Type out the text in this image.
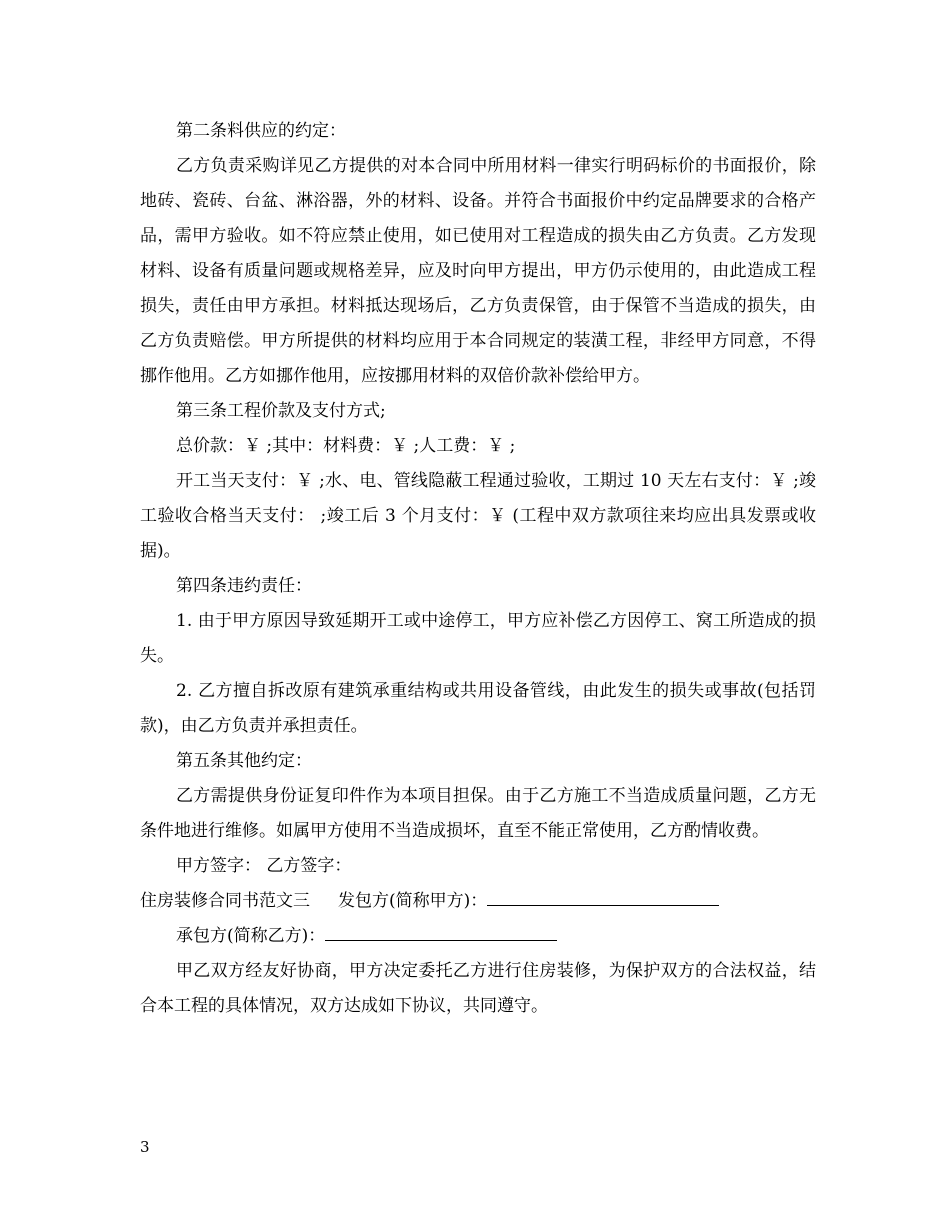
第二条料供应的约定：

乙方负责采购详见乙方提供的对本合同中所用材料一律实行明码标价的书面报价，除地砖、瓷砖、台盆、淋浴器，外的材料、设备。并符合书面报价中约定品牌要求的合格产品，需甲方验收。如不符应禁止使用，如已使用对工程造成的损失由乙方负责。乙方发现材料、设备有质量问题或规格差异，应及时向甲方提出，甲方仍示使用的，由此造成工程损失，责任由甲方承担。材料抵达现场后，乙方负责保管，由于保管不当造成的损失，由乙方负责赔偿。甲方所提供的材料均应用于本合同规定的装潢工程，非经甲方同意，不得挪作他用。乙方如挪作他用，应按挪用材料的双倍价款补偿给甲方。

第三条工程价款及支付方式;

总价款：￥ ;其中：材料费：￥ ;人工费：￥ ;

开工当天支付：￥ ;水、电、管线隐蔽工程通过验收，工期过 10 天左右支付：￥ ;竣工验收合格当天支付： ;竣工后 3 个月支付：￥ (工程中双方款项往来均应出具发票或收据)。

第四条违约责任：

1. 由于甲方原因导致延期开工或中途停工，甲方应补偿乙方因停工、窝工所造成的损失。

2. 乙方擅自拆改原有建筑承重结构或共用设备管线，由此发生的损失或事故(包括罚款)，由乙方负责并承担责任。

第五条其他约定：

乙方需提供身份证复印件作为本项目担保。由于乙方施工不当造成质量问题，乙方无条件地进行维修。如属甲方使用不当造成损坏，直至不能正常使用，乙方酌情收费。

甲方签字： 乙方签字：

住房装修合同书范文三 发包方(简称甲方)：

承包方(简称乙方)：

甲乙双方经友好协商，甲方决定委托乙方进行住房装修，为保护双方的合法权益，结合本工程的具体情况，双方达成如下协议，共同遵守。

3
